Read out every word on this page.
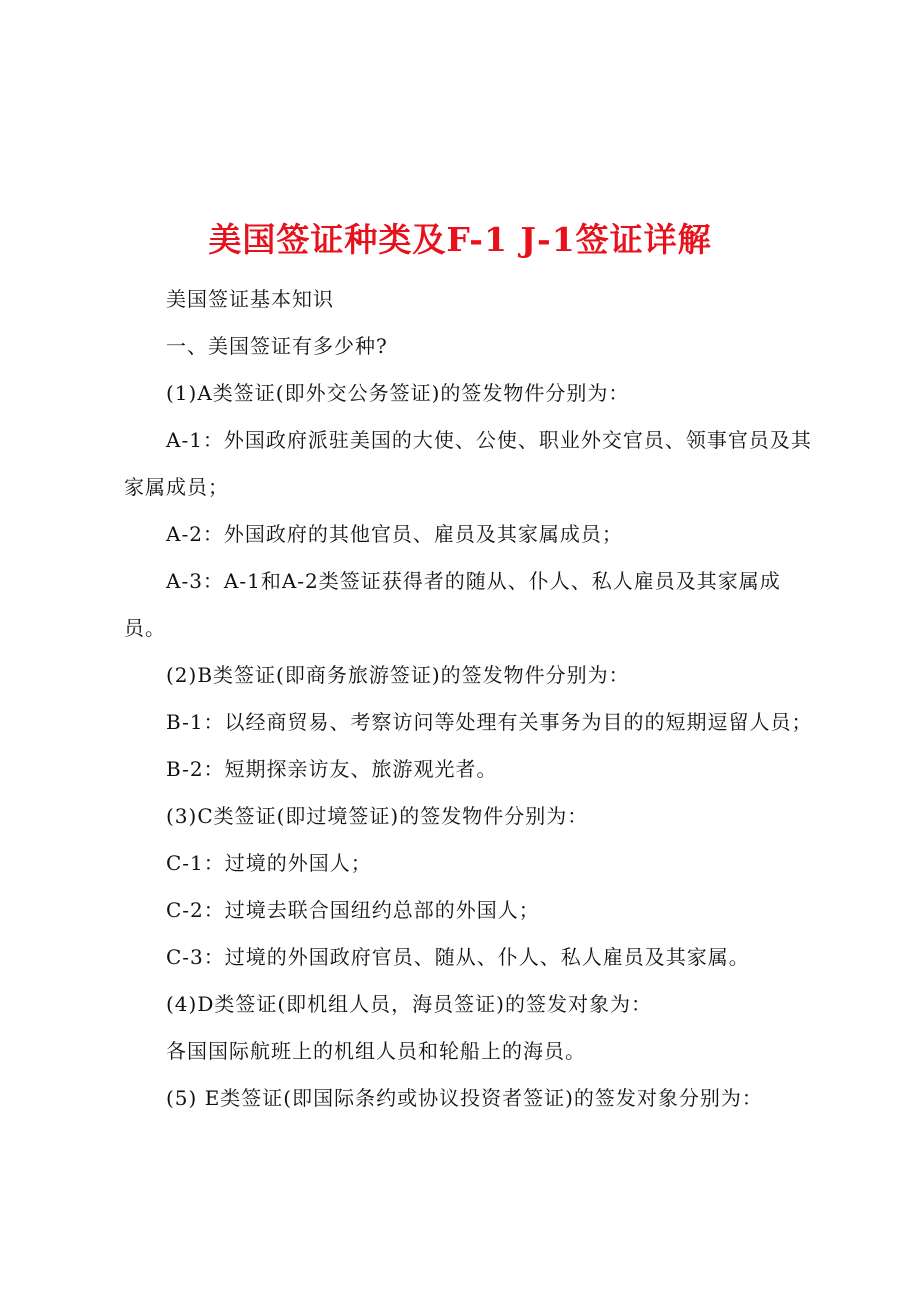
美国签证种类及F-1 J-1签证详解

美国签证基本知识

一、美国签证有多少种?

(1)A类签证(即外交公务签证)的签发物件分别为：

A-1：外国政府派驻美国的大使、公使、职业外交官员、领事官员及其家属成员；

A-2：外国政府的其他官员、雇员及其家属成员；

A-3：A-1和A-2类签证获得者的随从、仆人、私人雇员及其家属成员。

(2)B类签证(即商务旅游签证)的签发物件分别为：

B-1：以经商贸易、考察访问等处理有关事务为目的的短期逗留人员；

B-2：短期探亲访友、旅游观光者。

(3)C类签证(即过境签证)的签发物件分别为：

C-1：过境的外国人；

C-2：过境去联合国纽约总部的外国人；

C-3：过境的外国政府官员、随从、仆人、私人雇员及其家属。

(4)D类签证(即机组人员，海员签证)的签发对象为：

各国国际航班上的机组人员和轮船上的海员。

(5) E类签证(即国际条约或协议投资者签证)的签发对象分别为：
